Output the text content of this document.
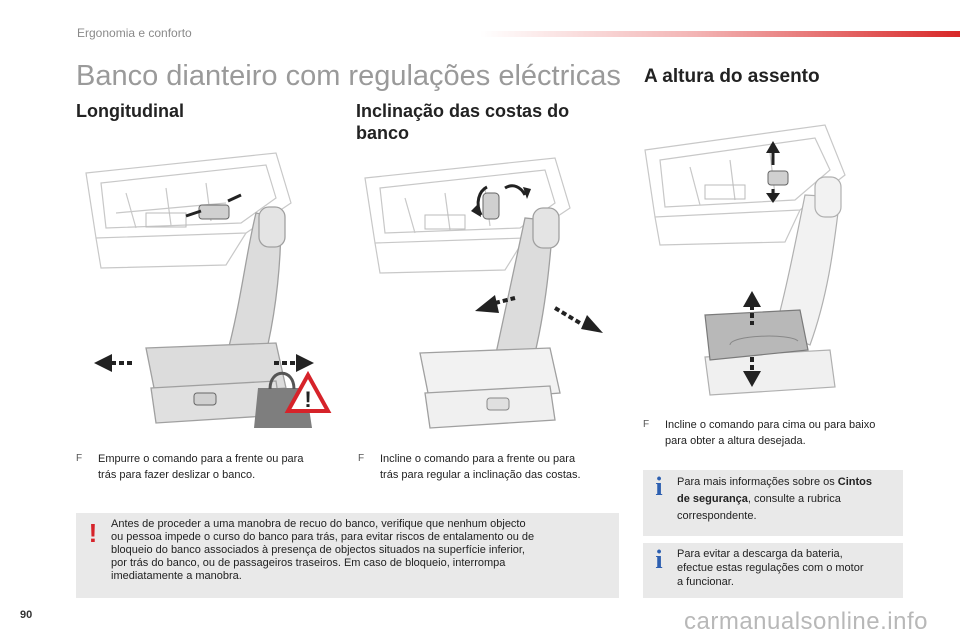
Ergonomia e conforto
Banco dianteiro com regulações eléctricas
Longitudinal
!
F	Empurre o comando para a frente ou para
trás para fazer deslizar o banco.
Inclinação das costas do
banco
F	Incline o comando para a frente ou para
trás para regular a inclinação das costas.
A altura do assento
F	Incline o comando para cima ou para baixo
para obter a altura desejada.
i	Para mais informações sobre os Cintos
de segurança, consulte a rubrica
correspondente.
i	Para evitar a descarga da bateria,
efectue estas regulações com o motor
a funcionar.
!	Antes de proceder a uma manobra de recuo do banco, verifique que nenhum objecto
ou pessoa impede o curso do banco para trás, para evitar riscos de entalamento ou de
bloqueio do banco associados à presença de objectos situados na superfície inferior,
por trás do banco, ou de passageiros traseiros. Em caso de bloqueio, interrompa
imediatamente a manobra.
90	carmanualsonline.info
